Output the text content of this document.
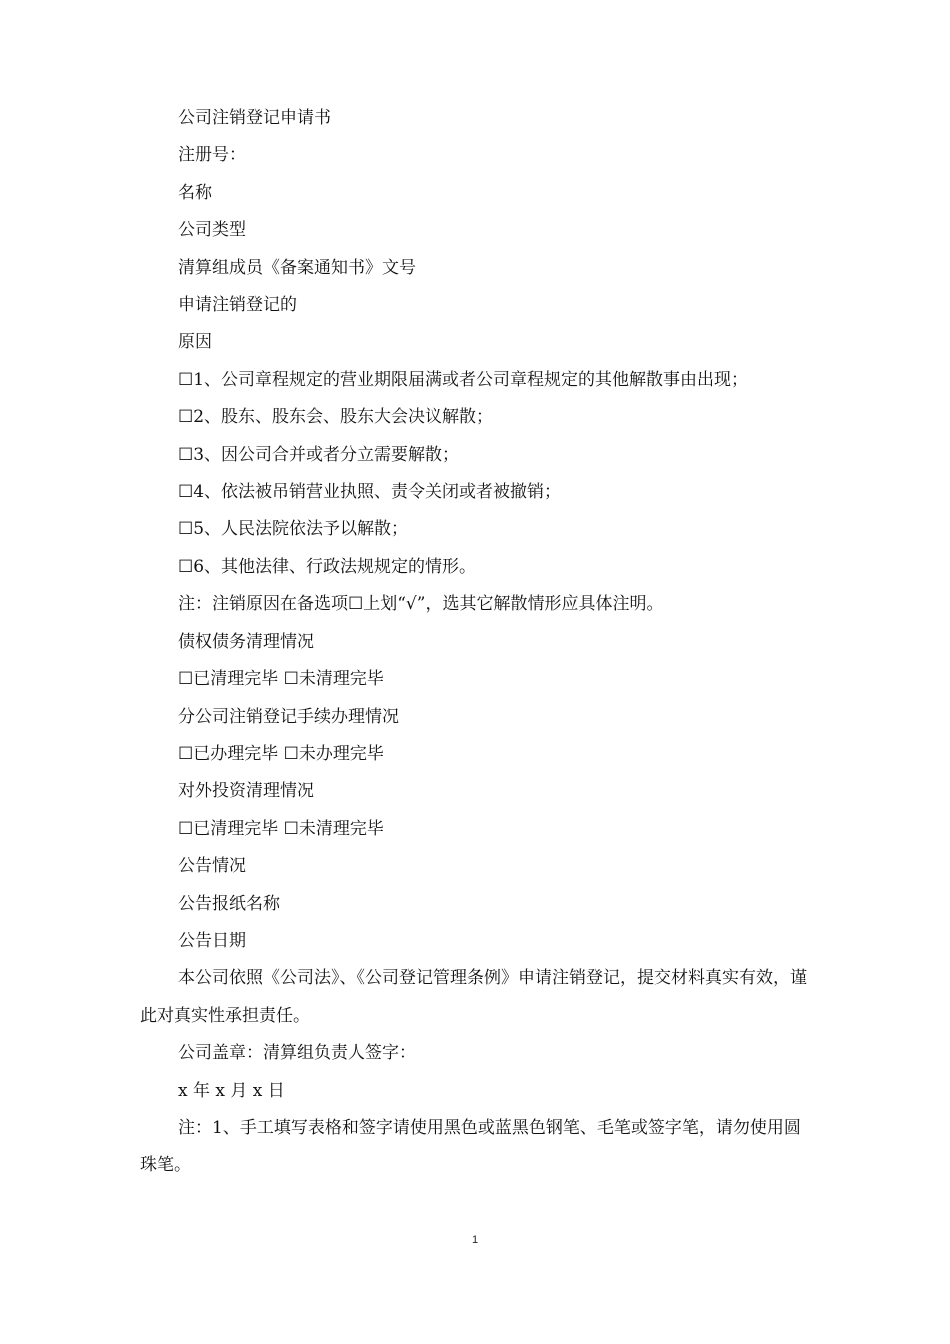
公司注销登记申请书

注册号：

名称

公司类型

清算组成员《备案通知书》文号

申请注销登记的

原因

☐1、公司章程规定的营业期限届满或者公司章程规定的其他解散事由出现；

☐2、股东、股东会、股东大会决议解散；

☐3、因公司合并或者分立需要解散；

☐4、依法被吊销营业执照、责令关闭或者被撤销；

☐5、人民法院依法予以解散；

☐6、其他法律、行政法规规定的情形。

注：注销原因在备选项☐上划“√”，选其它解散情形应具体注明。

债权债务清理情况

☐已清理完毕 ☐未清理完毕

分公司注销登记手续办理情况

☐已办理完毕 ☐未办理完毕

对外投资清理情况

☐已清理完毕 ☐未清理完毕

公告情况

公告报纸名称

公告日期

本公司依照《公司法》、《公司登记管理条例》申请注销登记，提交材料真实有效，谨此对真实性承担责任。

公司盖章：清算组负责人签字：

x 年 x 月 x 日

注：1、手工填写表格和签字请使用黑色或蓝黑色钢笔、毛笔或签字笔，请勿使用圆珠笔。

1
